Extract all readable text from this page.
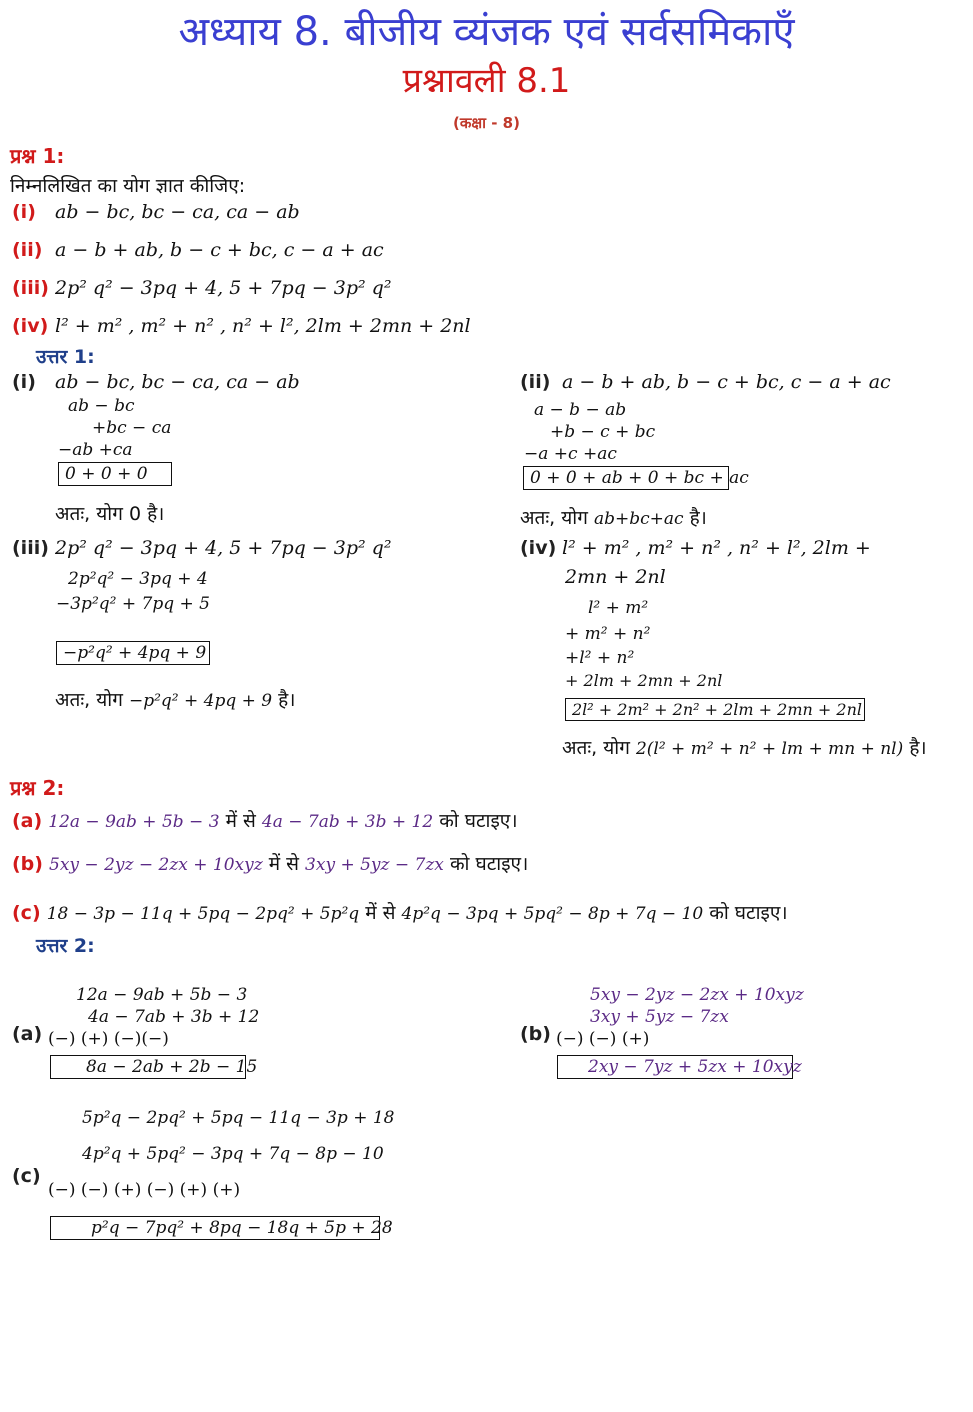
अध्याय 8. बीजीय व्यंजक एवं सर्वसमिकाएँ
प्रश्नावली 8.1
(कक्षा - 8)
प्रश्न 1:
निम्नलिखित का योग ज्ञात कीजिए:
(i) ab − bc, bc − ca, ca − ab
(ii) a − b + ab, b − c + bc, c − a + ac
(iii) 2p² q² − 3pq + 4, 5 + 7pq − 3p² q²
(iv) l² + m² , m² + n² , n² + l², 2lm + 2mn + 2nl
उत्तर 1:
(i) ab − bc, bc − ca, ca − ab
ab − bc
+bc − ca
−ab +ca
0 + 0 + 0
अतः, योग 0 है।
(ii) a − b + ab, b − c + bc, c − a + ac
a − b − ab
+b − c + bc
−a +c +ac
0 + 0 + ab + 0 + bc + ac
अतः, योग ab+bc+ac है।
(iii) 2p² q² − 3pq + 4, 5 + 7pq − 3p² q²
2p²q² − 3pq + 4
−3p²q² + 7pq + 5
−p²q² + 4pq + 9
अतः, योग −p²q² + 4pq + 9 है।
(iv) l² + m² , m² + n² , n² + l², 2lm +
2mn + 2nl
l² + m²
+ m² + n²
+l² + n²
+ 2lm + 2mn + 2nl
2l² + 2m² + 2n² + 2lm + 2mn + 2nl
अतः, योग 2(l² + m² + n² + lm + mn + nl) है।
प्रश्न 2:
(a) 12a − 9ab + 5b − 3 में से 4a − 7ab + 3b + 12 को घटाइए।
(b) 5xy − 2yz − 2zx + 10xyz में से 3xy + 5yz − 7zx को घटाइए।
(c) 18 − 3p − 11q + 5pq − 2pq² + 5p²q में से 4p²q − 3pq + 5pq² − 8p + 7q − 10 को घटाइए।
उत्तर 2:
12a − 9ab + 5b − 3
4a − 7ab + 3b + 12
(a) (−) (+) (−)(−)
8a − 2ab + 2b − 15
5xy − 2yz − 2zx + 10xyz
3xy + 5yz − 7zx
(b) (−) (−) (+)
2xy − 7yz + 5zx + 10xyz
5p²q − 2pq² + 5pq − 11q − 3p + 18
4p²q + 5pq² − 3pq + 7q − 8p − 10
(c)
(−) (−) (+) (−) (+) (+)
p²q − 7pq² + 8pq − 18q + 5p + 28
